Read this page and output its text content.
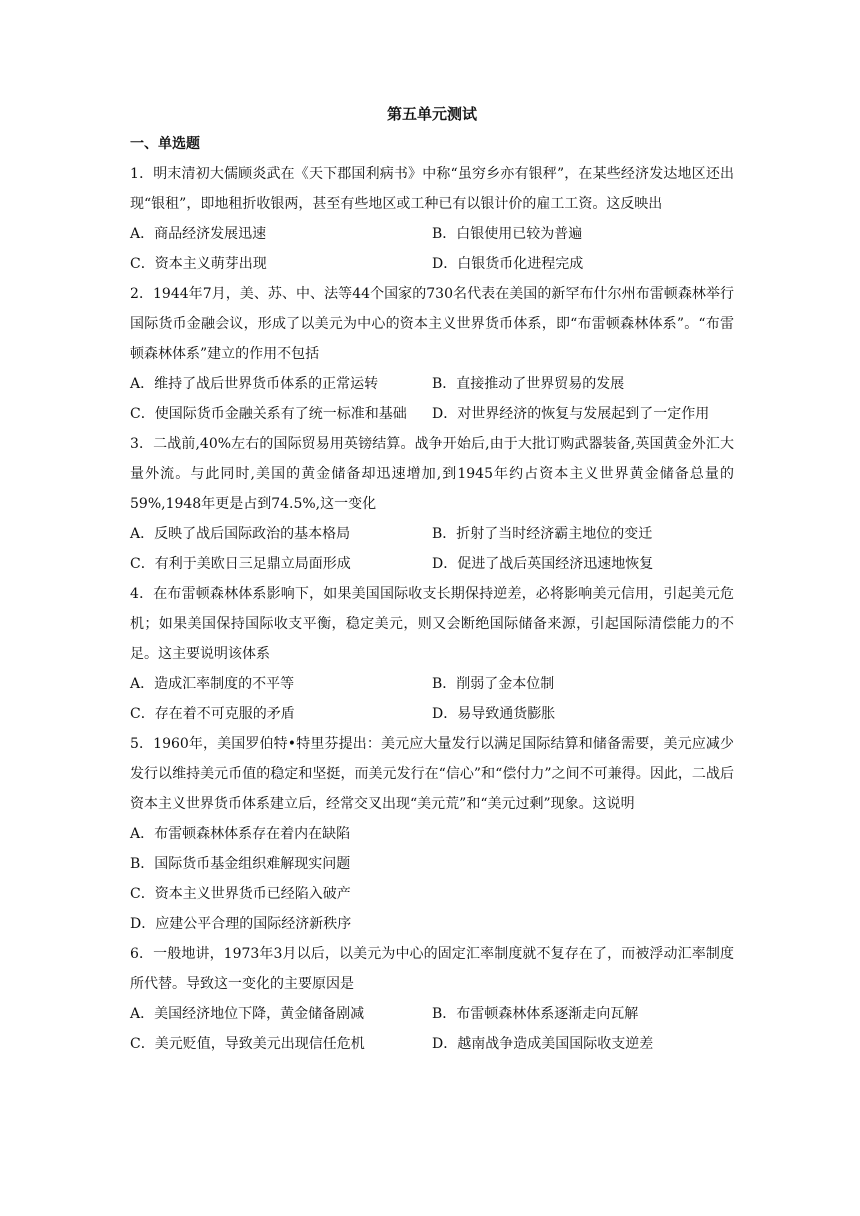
第五单元测试
一、单选题

1．明末清初大儒顾炎武在《天下郡国利病书》中称“虽穷乡亦有银秤”，在某些经济发达地区还出现“银租”，即地租折收银两，甚至有些地区或工种已有以银计价的雇工工资。这反映出

A．商品经济发展迅速	B．白银使用已较为普遍
C．资本主义萌芽出现	D．白银货币化进程完成

2．1944年7月，美、苏、中、法等44个国家的730名代表在美国的新罕布什尔州布雷顿森林举行国际货币金融会议，形成了以美元为中心的资本主义世界货币体系，即“布雷顿森林体系”。“布雷顿森林体系”建立的作用不包括

A．维持了战后世界货币体系的正常运转	B．直接推动了世界贸易的发展
C．使国际货币金融关系有了统一标准和基础	D．对世界经济的恢复与发展起到了一定作用

3．二战前,40%左右的国际贸易用英镑结算。战争开始后,由于大批订购武器装备,英国黄金外汇大量外流。与此同时,美国的黄金储备却迅速增加,到1945年约占资本主义世界黄金储备总量的59%,1948年更是占到74.5%,这一变化

A．反映了战后国际政治的基本格局	B．折射了当时经济霸主地位的变迁
C．有利于美欧日三足鼎立局面形成	D．促进了战后英国经济迅速地恢复

4．在布雷顿森林体系影响下，如果美国国际收支长期保持逆差，必将影响美元信用，引起美元危机；如果美国保持国际收支平衡，稳定美元，则又会断绝国际储备来源，引起国际清偿能力的不足。这主要说明该体系

A．造成汇率制度的不平等	B．削弱了金本位制
C．存在着不可克服的矛盾	D．易导致通货膨胀

5．1960年，美国罗伯特•特里芬提出：美元应大量发行以满足国际结算和储备需要，美元应减少发行以维持美元币值的稳定和坚挺，而美元发行在“信心”和“偿付力”之间不可兼得。因此，二战后资本主义世界货币体系建立后，经常交叉出现“美元荒”和“美元过剩”现象。这说明

A．布雷顿森林体系存在着内在缺陷
B．国际货币基金组织难解现实问题
C．资本主义世界货币已经陷入破产
D．应建公平合理的国际经济新秩序

6．一般地讲，1973年3月以后，以美元为中心的固定汇率制度就不复存在了，而被浮动汇率制度所代替。导致这一变化的主要原因是

A．美国经济地位下降，黄金储备剧减	B．布雷顿森林体系逐渐走向瓦解
C．美元贬值，导致美元出现信任危机	D．越南战争造成美国国际收支逆差
